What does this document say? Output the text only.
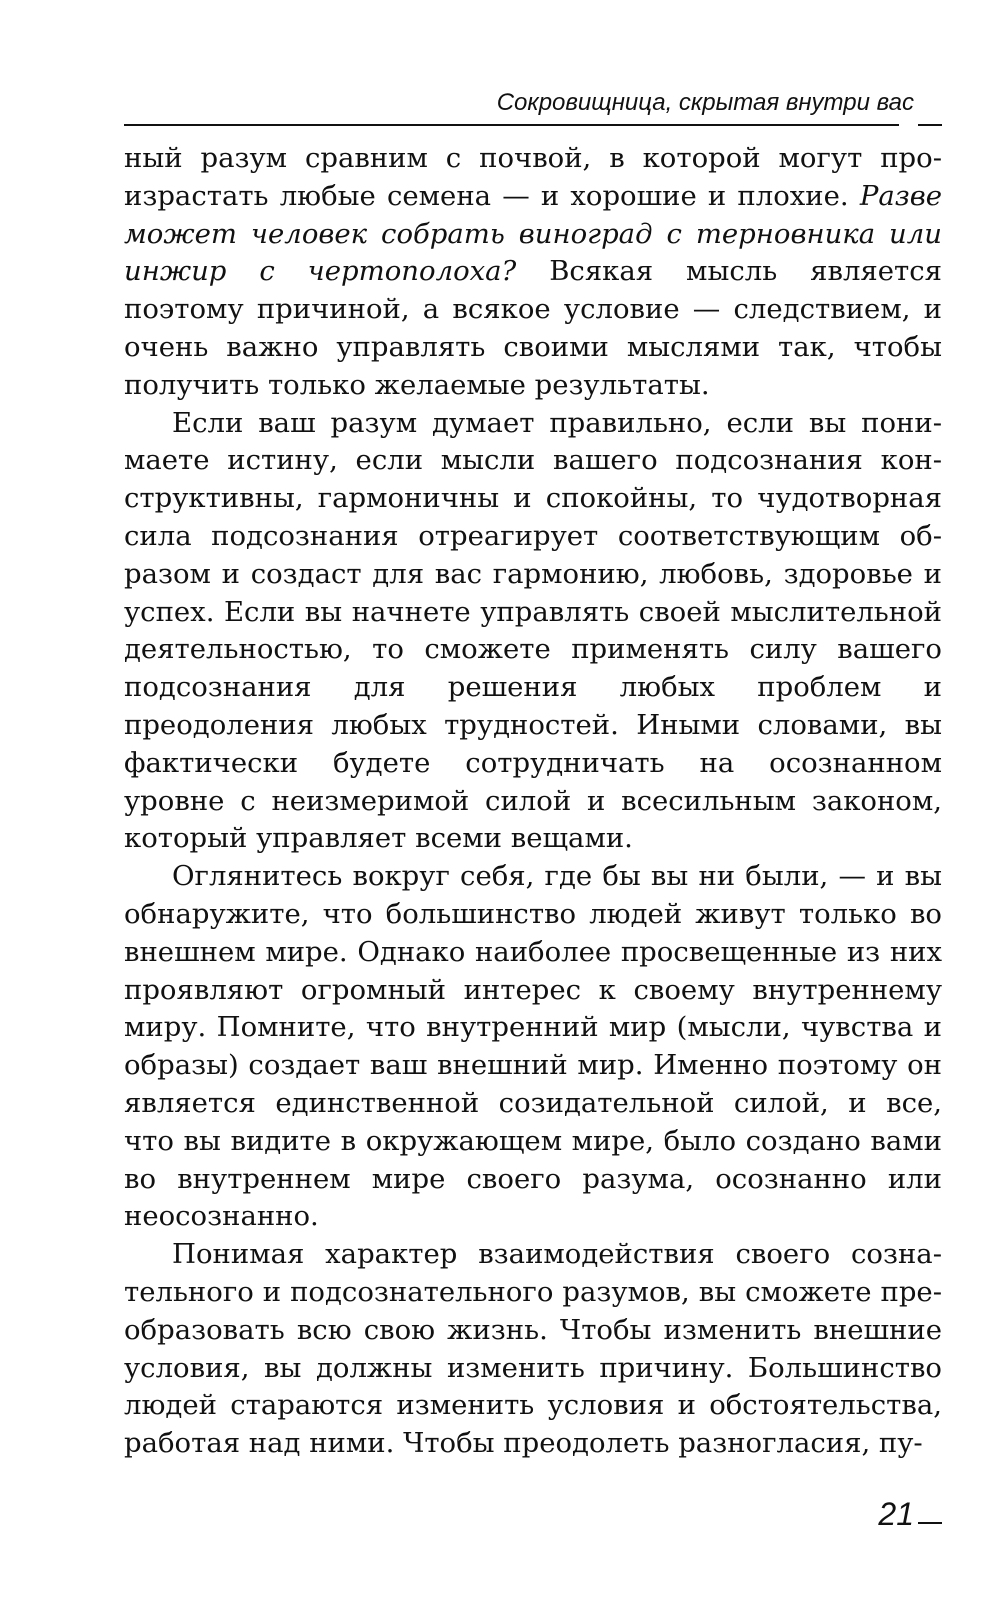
Сокровищница, скрытая внутри вас

ный разум сравним с почвой, в которой могут произрастать любые семена — и хорошие и плохие. Разве может человек собрать виноград с терновника или инжир с чертополоха? Всякая мысль является поэтому причиной, а всякое условие — следствием, и очень важно управлять своими мыслями так, чтобы получить только желаемые результаты.

Если ваш разум думает правильно, если вы понимаете истину, если мысли вашего подсознания конструктивны, гармоничны и спокойны, то чудотворная сила подсознания отреагирует соответствующим образом и создаст для вас гармонию, любовь, здоровье и успех. Если вы начнете управлять своей мыслительной деятельностью, то сможете применять силу вашего подсознания для решения любых проблем и преодоления любых трудностей. Иными словами, вы фактически будете сотрудничать на осознанном уровне с неизмеримой силой и всесильным законом, который управляет всеми вещами.

Оглянитесь вокруг себя, где бы вы ни были, — и вы обнаружите, что большинство людей живут только во внешнем мире. Однако наиболее просвещенные из них проявляют огромный интерес к своему внутреннему миру. Помните, что внутренний мир (мысли, чувства и образы) создает ваш внешний мир. Именно поэтому он является единственной созидательной силой, и все, что вы видите в окружающем мире, было создано вами во внутреннем мире своего разума, осознанно или неосознанно.

Понимая характер взаимодействия своего сознательного и подсознательного разумов, вы сможете преобразовать всю свою жизнь. Чтобы изменить внешние условия, вы должны изменить причину. Большинство людей стараются изменить условия и обстоятельства, работая над ними. Чтобы преодолеть разногласия, пу-

21
